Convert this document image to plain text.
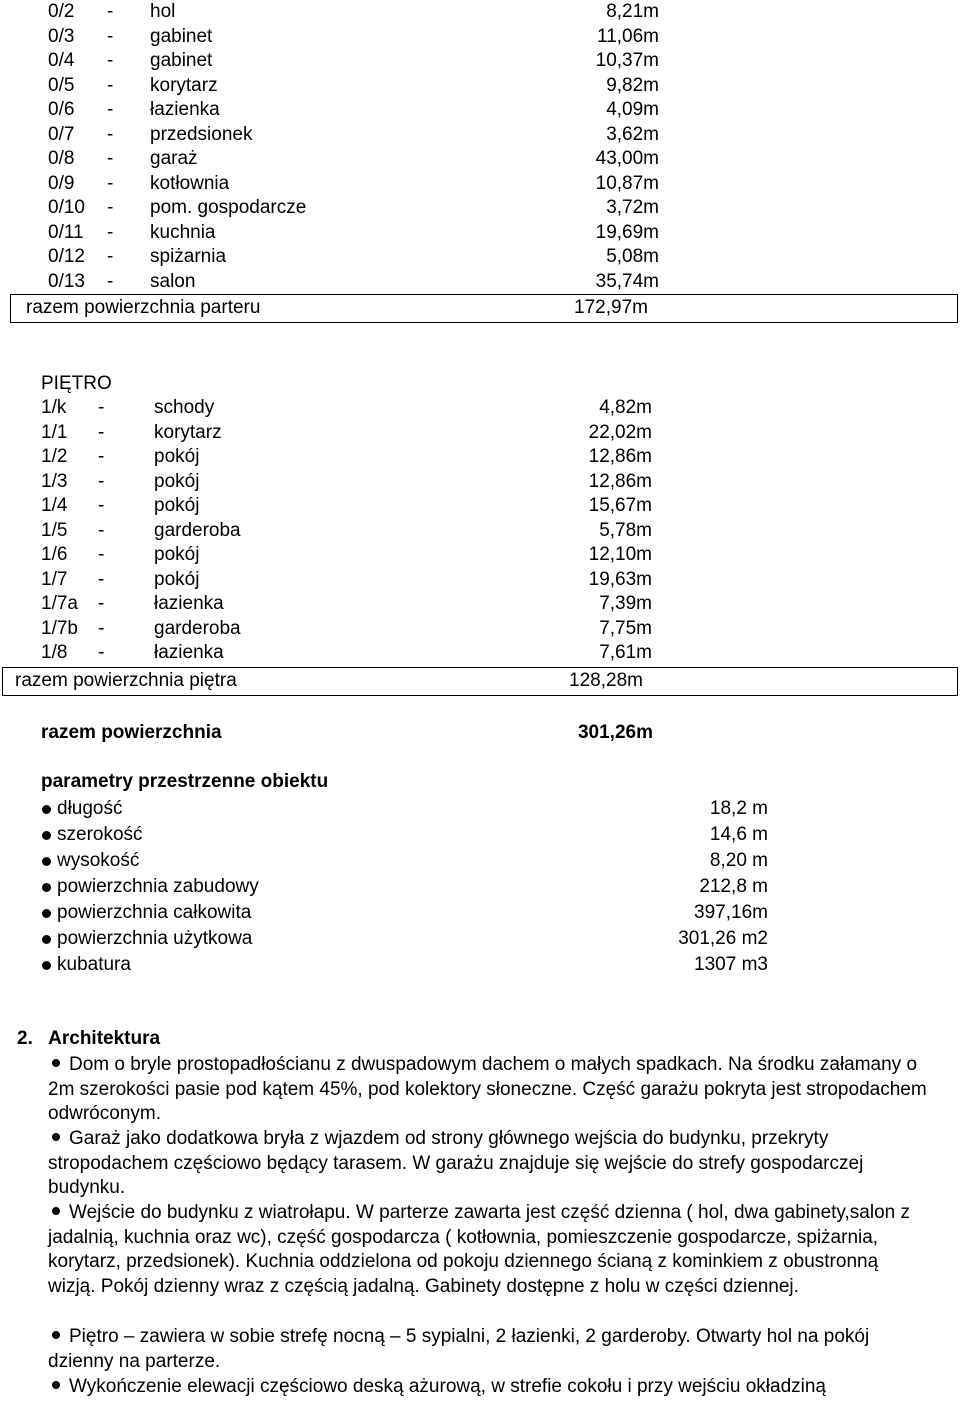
0/2 - hol	8,21m
0/3 - gabinet	11,06m
0/4 - gabinet	10,37m
0/5 - korytarz	9,82m
0/6 - łazienka	4,09m
0/7 - przedsionek	3,62m
0/8 - garaż	43,00m
0/9 - kotłownia	10,87m
0/10 - pom. gospodarcze	3,72m
0/11 - kuchnia	19,69m
0/12 - spiżarnia	5,08m
0/13 - salon	35,74m
razem powierzchnia parteru	172,97m
PIĘTRO
1/k -	schody	4,82m
1/1 -	korytarz	22,02m
1/2 -	pokój	12,86m
1/3 -	pokój	12,86m
1/4 -	pokój	15,67m
1/5 -	garderoba	5,78m
1/6 -	pokój	12,10m
1/7 -	pokój	19,63m
1/7a -	łazienka	7,39m
1/7b -	garderoba	7,75m
1/8 -	łazienka	7,61m
razem powierzchnia piętra	128,28m
razem powierzchnia	301,26m
parametry przestrzenne obiektu
długość	18,2 m
szerokość	14,6 m
wysokość	8,20 m
powierzchnia zabudowy	212,8 m
powierzchnia całkowita	397,16m
powierzchnia użytkowa	301,26 m2
kubatura	1307 m3
2. Architektura
Dom o bryle prostopadłościanu z dwuspadowym dachem o małych spadkach. Na środku załamany o 2m szerokości pasie pod kątem 45%, pod kolektory słoneczne. Część garażu pokryta jest stropodachem odwróconym.
Garaż jako dodatkowa bryła z wjazdem od strony głównego wejścia do budynku, przekryty stropodachem częściowo będący tarasem. W garażu znajduje się wejście do strefy gospodarczej budynku.
Wejście do budynku z wiatrołapu. W parterze zawarta jest część dzienna ( hol, dwa gabinety,salon z jadalnią, kuchnia oraz wc), część gospodarcza ( kotłownia, pomieszczenie gospodarcze, spiżarnia, korytarz, przedsionek). Kuchnia oddzielona od pokoju dziennego ścianą z kominkiem z obustronną wizją. Pokój dzienny wraz z częścią jadalną. Gabinety dostępne z holu w części dziennej.
Piętro – zawiera w sobie strefę nocną – 5 sypialni, 2 łazienki, 2 garderoby. Otwarty hol na pokój dzienny na parterze.
Wykończenie elewacji częściowo deską ażurową, w strefie cokołu i przy wejściu okładziną
